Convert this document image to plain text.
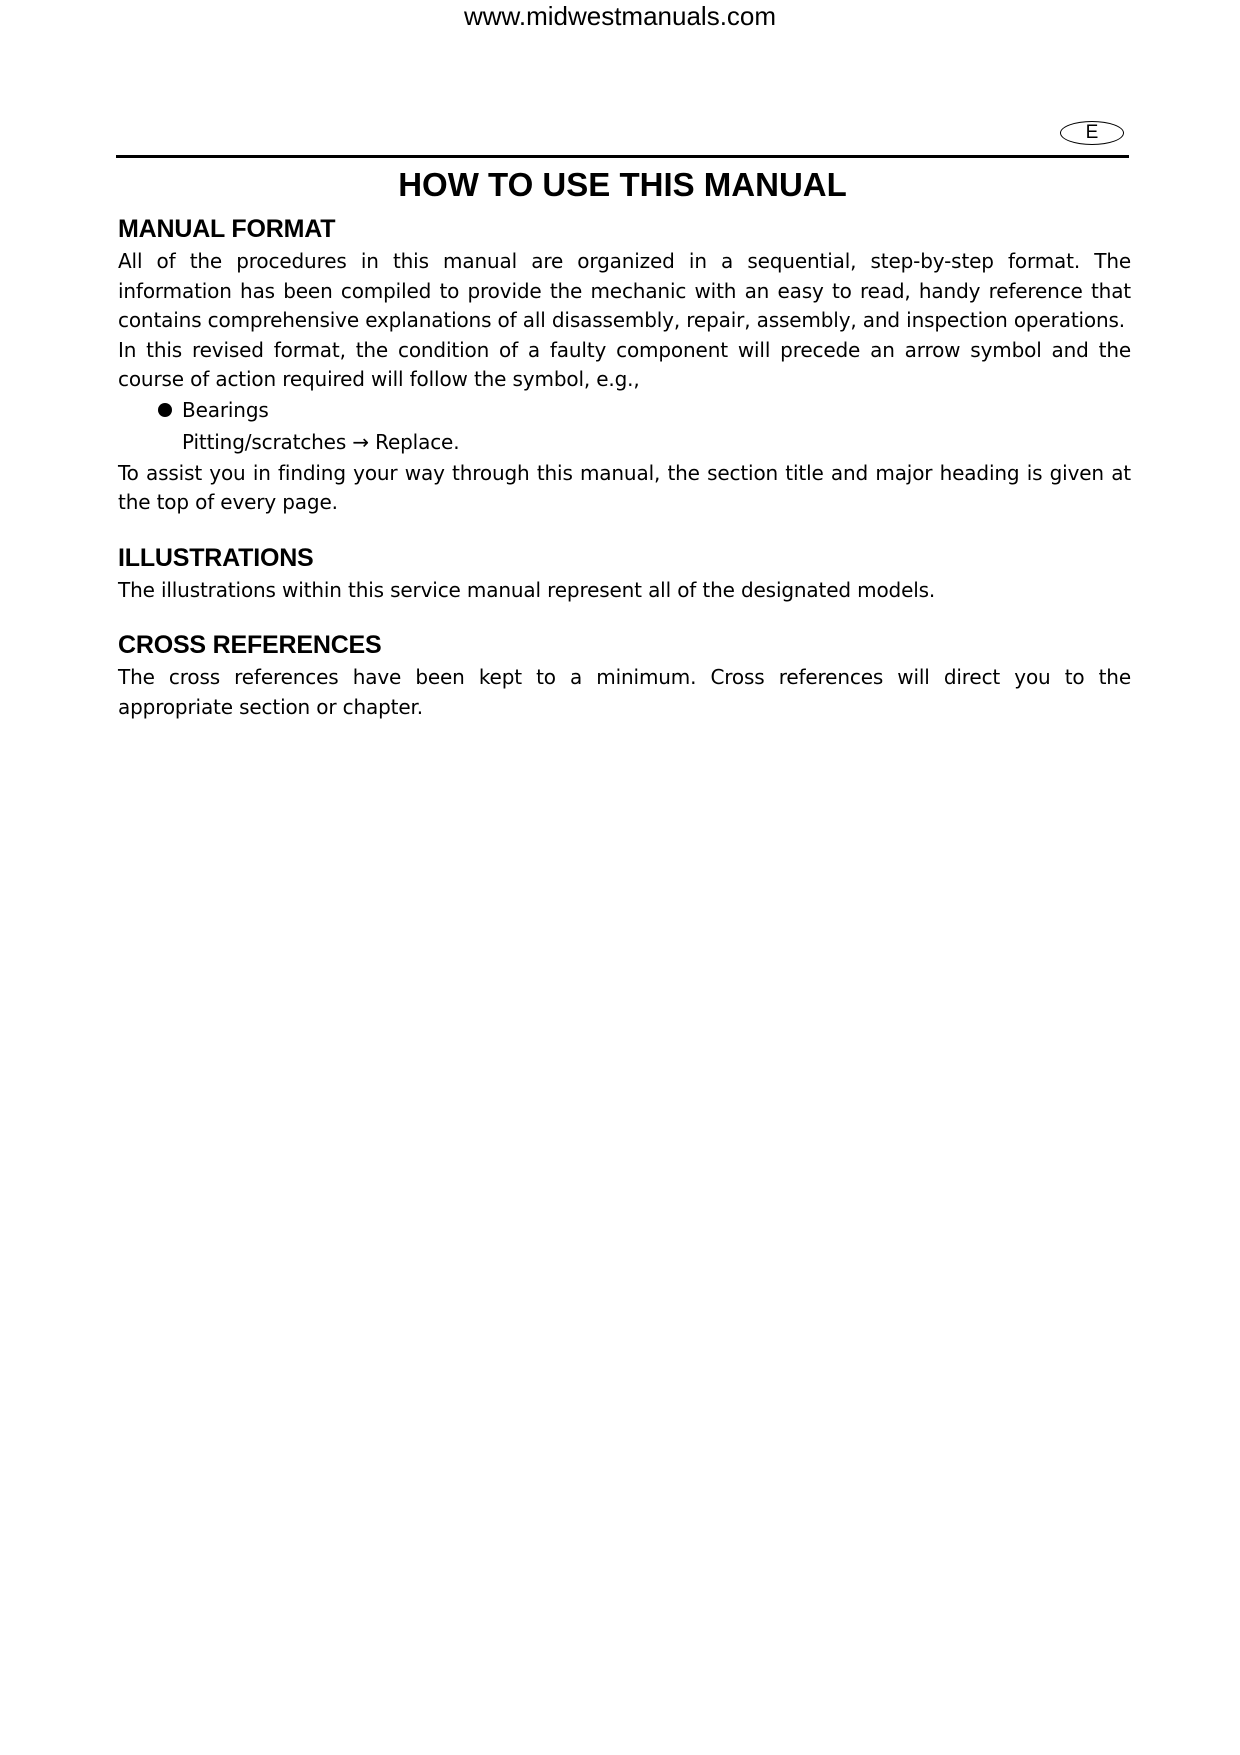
www.midwestmanuals.com
E
HOW TO USE THIS MANUAL
MANUAL FORMAT

All of the procedures in this manual are organized in a sequential, step-by-step format. The information has been compiled to provide the mechanic with an easy to read, handy reference that contains comprehensive explanations of all disassembly, repair, assembly, and inspection operations.

In this revised format, the condition of a faulty component will precede an arrow symbol and the course of action required will follow the symbol, e.g.,

Bearings
Pitting/scratches → Replace.

To assist you in finding your way through this manual, the section title and major heading is given at the top of every page.

ILLUSTRATIONS

The illustrations within this service manual represent all of the designated models.

CROSS REFERENCES

The cross references have been kept to a minimum. Cross references will direct you to the appropriate section or chapter.
